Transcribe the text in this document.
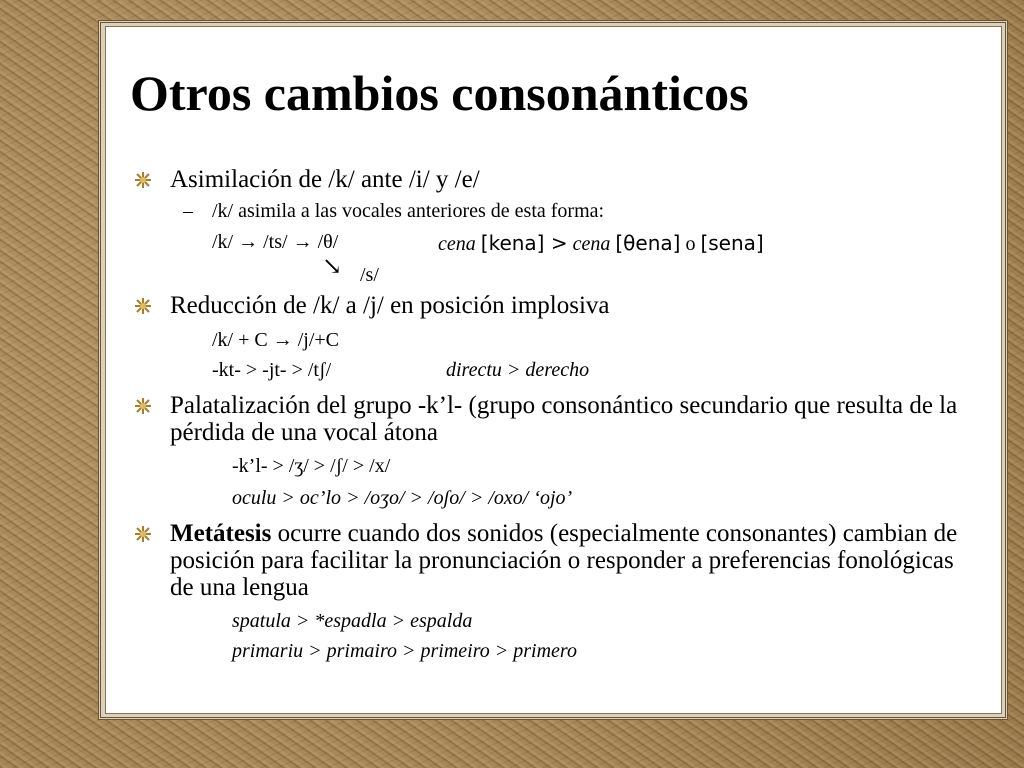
Otros cambios consonánticos
Asimilación de /k/ ante /i/ y /e/
– /k/ asimila a las vocales anteriores de esta forma:
/k/ → /ts/ → /θ/	cena [kena] > cena [θena] o [sena]
↘ /s/
Reducción de /k/ a /j/ en posición implosiva
/k/ + C → /j/+C
-kt- > -jt- > /tʃ/	directu > derecho
Palatalización del grupo -k’l- (grupo consonántico secundario que resulta de la pérdida de una vocal átona
-k’l- > /ʒ/ > /ʃ/ > /x/
oculu > oc’lo > /oʒo/ > /oʃo/ > /oxo/ ‘ojo’
Metátesis ocurre cuando dos sonidos (especialmente consonantes) cambian de posición para facilitar la pronunciación o responder a preferencias fonológicas de una lengua
spatula > *espadla > espalda
primariu > primairo > primeiro > primero
